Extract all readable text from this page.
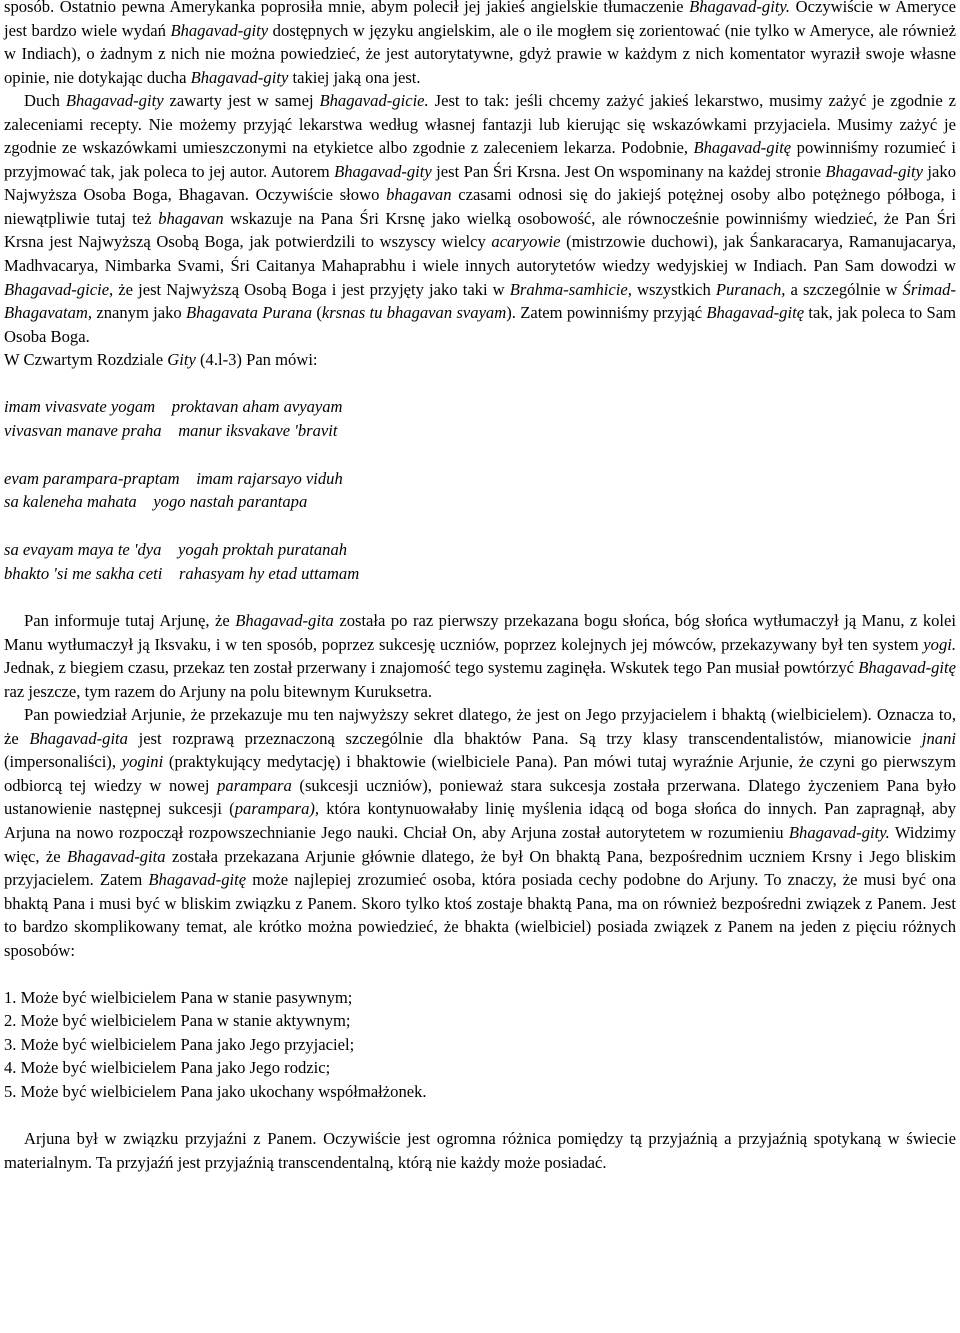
sposób. Ostatnio pewna Amerykanka poprosiła mnie, abym polecił jej jakieś angielskie tłumaczenie Bhagavad-gity. Oczywiście w Ameryce jest bardzo wiele wydań Bhagavad-gity dostępnych w języku angielskim, ale o ile mogłem się zorientować (nie tylko w Ameryce, ale również w Indiach), o żadnym z nich nie można powiedzieć, że jest autorytatywne, gdyż prawie w każdym z nich komentator wyraził swoje własne opinie, nie dotykając ducha Bhagavad-gity takiej jaką ona jest.

Duch Bhagavad-gity zawarty jest w samej Bhagavad-gicie. Jest to tak: jeśli chcemy zażyć jakieś lekarstwo, musimy zażyć je zgodnie z zaleceniami recepty. Nie możemy przyjąć lekarstwa według własnej fantazji lub kierując się wskazówkami przyjaciela. Musimy zażyć je zgodnie ze wskazówkami umieszczonymi na etykietce albo zgodnie z zaleceniem lekarza. Podobnie, Bhagavad-gitę powinniśmy rozumieć i przyjmować tak, jak poleca to jej autor. Autorem Bhagavad-gity jest Pan Śri Krsna. Jest On wspominany na każdej stronie Bhagavad-gity jako Najwyższa Osoba Boga, Bhagavan. Oczywiście słowo bhagavan czasami odnosi się do jakiejś potężnej osoby albo potężnego półboga, i niewątpliwie tutaj też bhagavan wskazuje na Pana Śri Krsnę jako wielką osobowość, ale równocześnie powinniśmy wiedzieć, że Pan Śri Krsna jest Najwyższą Osobą Boga, jak potwierdzili to wszyscy wielcy acaryowie (mistrzowie duchowi), jak Śankaracarya, Ramanujacarya, Madhvacarya, Nimbarka Svami, Śri Caitanya Mahaprabhu i wiele innych autorytetów wiedzy wedyjskiej w Indiach. Pan Sam dowodzi w Bhagavad-gicie, że jest Najwyższą Osobą Boga i jest przyjęty jako taki w Brahma-samhicie, wszystkich Puranach, a szczególnie w Śrimad-Bhagavatam, znanym jako Bhagavata Purana (krsnas tu bhagavan svayam). Zatem powinniśmy przyjąć Bhagavad-gitę tak, jak poleca to Sam Osoba Boga.

W Czwartym Rozdziale Gity (4.l-3) Pan mówi:

imam vivasvate yogam    proktavan aham avyayam
vivasvan manave praha    manur iksvakave 'bravit
evam parampara-praptam    imam rajarsayo viduh
sa kaleneha mahata    yogo nastah parantapa
sa evayam maya te 'dya    yogah proktah puratanah
bhakto 'si me sakha ceti    rahasyam hy etad uttamam

Pan informuje tutaj Arjunę, że Bhagavad-gita została po raz pierwszy przekazana bogu słońca, bóg słońca wytłumaczył ją Manu, z kolei Manu wytłumaczył ją Iksvaku, i w ten sposób, poprzez sukcesję uczniów, poprzez kolejnych jej mówców, przekazywany był ten system yogi. Jednak, z biegiem czasu, przekaz ten został przerwany i znajomość tego systemu zaginęła. Wskutek tego Pan musiał powtórzyć Bhagavad-gitę raz jeszcze, tym razem do Arjuny na polu bitewnym Kuruksetra.

Pan powiedział Arjunie, że przekazuje mu ten najwyższy sekret dlatego, że jest on Jego przyjacielem i bhaktą (wielbicielem). Oznacza to, że Bhagavad-gita jest rozprawą przeznaczoną szczególnie dla bhaktów Pana. Są trzy klasy transcendentalistów, mianowicie jnani (impersonaliści), yogini (praktykujący medytację) i bhaktowie (wielbiciele Pana). Pan mówi tutaj wyraźnie Arjunie, że czyni go pierwszym odbiorcą tej wiedzy w nowej parampara (sukcesji uczniów), ponieważ stara sukcesja została przerwana. Dlatego życzeniem Pana było ustanowienie następnej sukcesji (parampara), która kontynuowałaby linię myślenia idącą od boga słońca do innych. Pan zapragnął, aby Arjuna na nowo rozpoczął rozpowszechnianie Jego nauki. Chciał On, aby Arjuna został autorytetem w rozumieniu Bhagavad-gity. Widzimy więc, że Bhagavad-gita została przekazana Arjunie głównie dlatego, że był On bhaktą Pana, bezpośrednim uczniem Krsny i Jego bliskim przyjacielem. Zatem Bhagavad-gitę może najlepiej zrozumieć osoba, która posiada cechy podobne do Arjuny. To znaczy, że musi być ona bhaktą Pana i musi być w bliskim związku z Panem. Skoro tylko ktoś zostaje bhaktą Pana, ma on również bezpośredni związek z Panem. Jest to bardzo skomplikowany temat, ale krótko można powiedzieć, że bhakta (wielbiciel) posiada związek z Panem na jeden z pięciu różnych sposobów:

1. Może być wielbicielem Pana w stanie pasywnym;
2. Może być wielbicielem Pana w stanie aktywnym;
3. Może być wielbicielem Pana jako Jego przyjaciel;
4. Może być wielbicielem Pana jako Jego rodzic;
5. Może być wielbicielem Pana jako ukochany współmałżonek.

Arjuna był w związku przyjaźni z Panem. Oczywiście jest ogromna różnica pomiędzy tą przyjaźnią a przyjaźnią spotykaną w świecie materialnym. Ta przyjaźń jest przyjaźnią transcendentalną, którą nie każdy może posiadać.
